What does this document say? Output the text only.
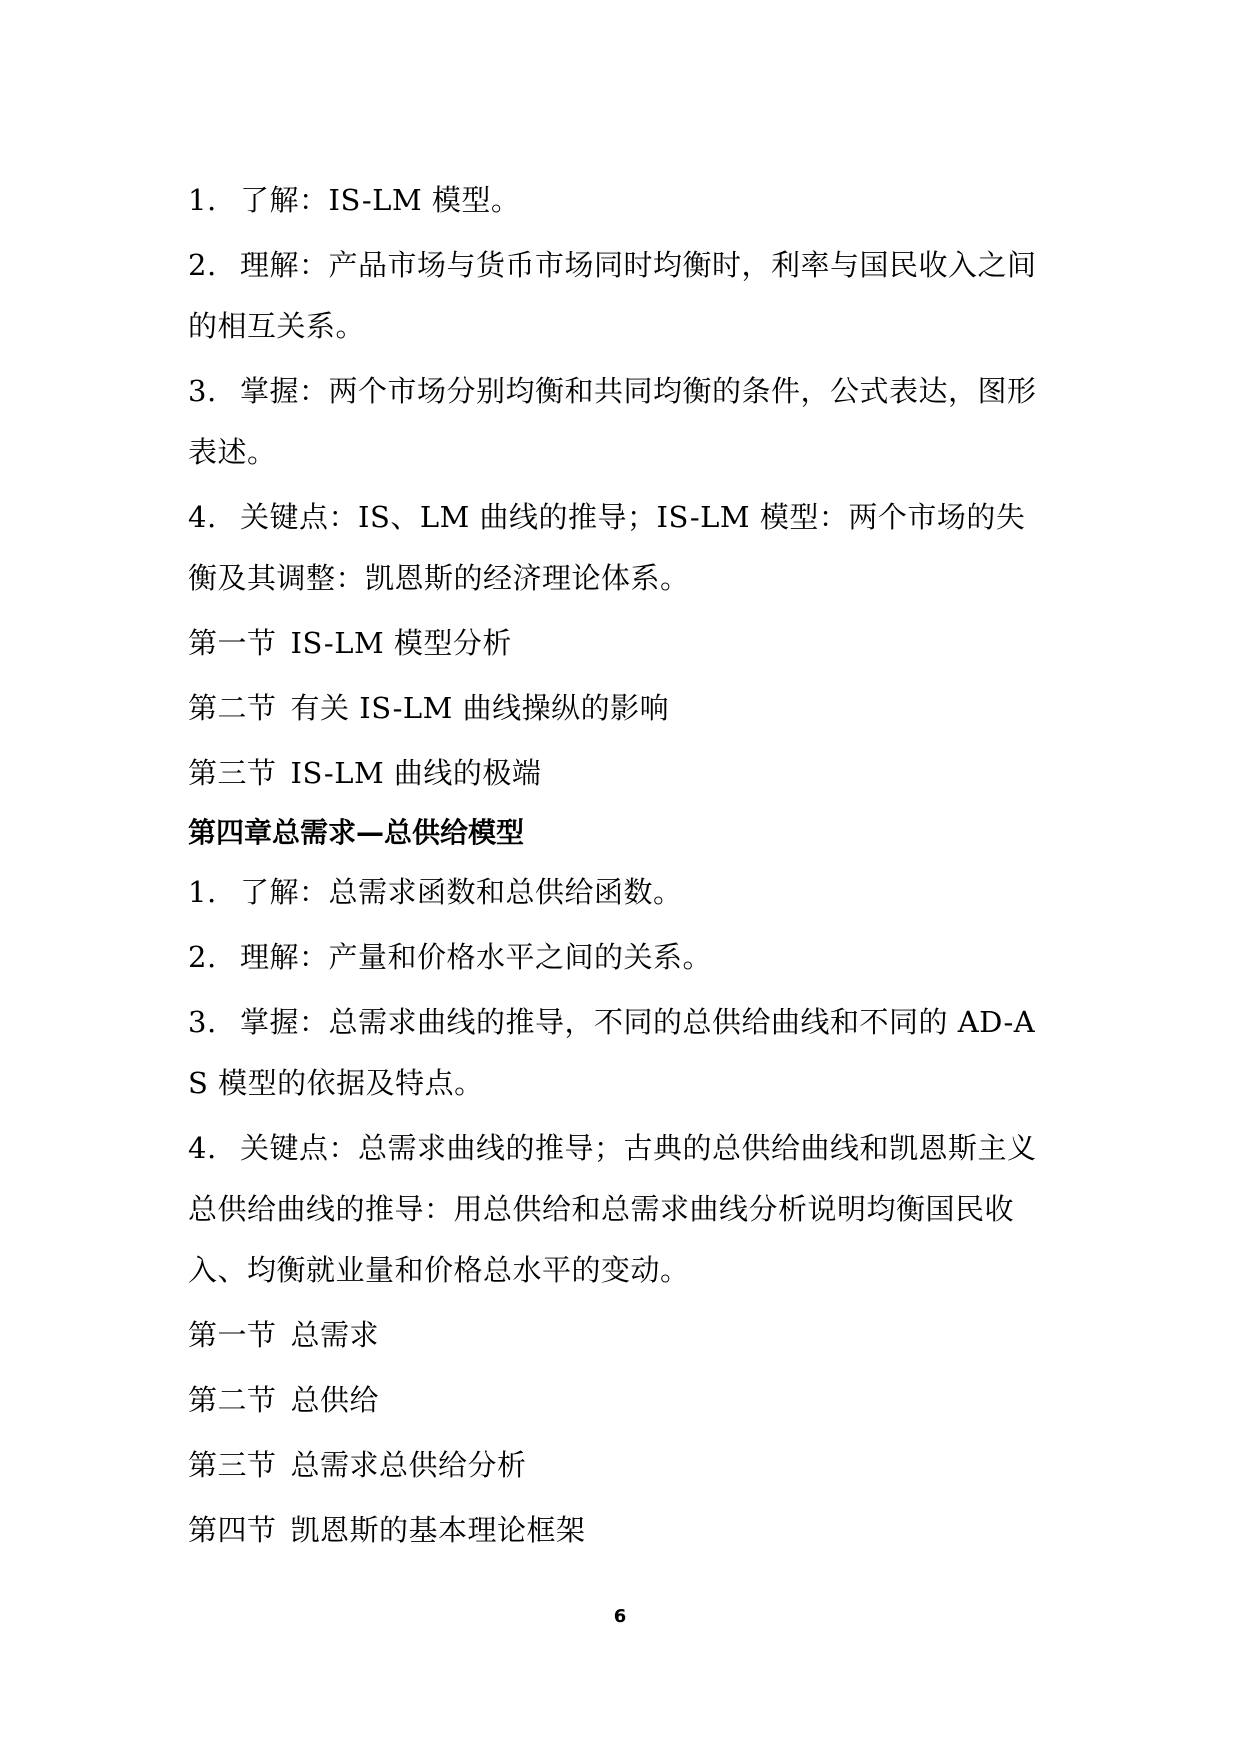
1. 了解：IS-LM 模型。

2. 理解：产品市场与货币市场同时均衡时，利率与国民收入之间的相互关系。

3. 掌握：两个市场分别均衡和共同均衡的条件，公式表达，图形表述。

4. 关键点：IS、LM 曲线的推导；IS-LM 模型：两个市场的失衡及其调整：凯恩斯的经济理论体系。

第一节 IS-LM 模型分析

第二节 有关 IS-LM 曲线操纵的影响

第三节 IS-LM 曲线的极端

第四章总需求—总供给模型

1. 了解：总需求函数和总供给函数。

2. 理解：产量和价格水平之间的关系。

3. 掌握：总需求曲线的推导，不同的总供给曲线和不同的 AD-AS 模型的依据及特点。

4. 关键点：总需求曲线的推导；古典的总供给曲线和凯恩斯主义总供给曲线的推导：用总供给和总需求曲线分析说明均衡国民收入、均衡就业量和价格总水平的变动。

第一节 总需求

第二节 总供给

第三节 总需求总供给分析

第四节 凯恩斯的基本理论框架

6
